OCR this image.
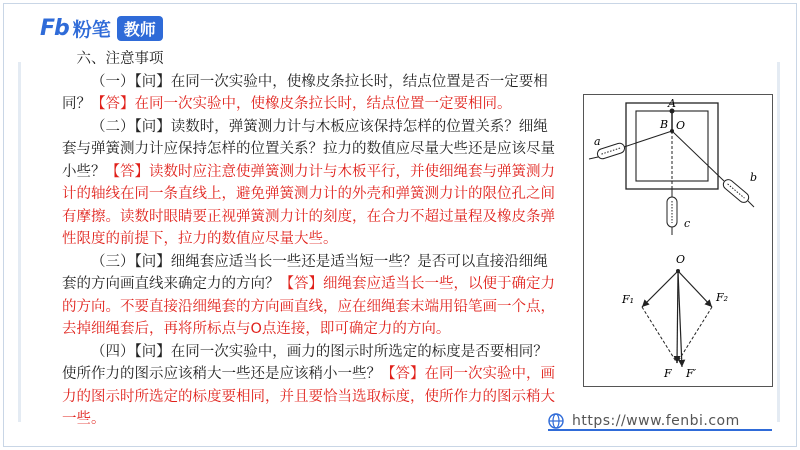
Fb 粉笔 教师

六、注意事项

（一）【问】在同一次实验中，使橡皮条拉长时，结点位置是否一定要相同？【答】在同一次实验中，使橡皮条拉长时，结点位置一定要相同。

（二）【问】读数时，弹簧测力计与木板应该保持怎样的位置关系？细绳套与弹簧测力计应保持怎样的位置关系？拉力的数值应尽量大些还是应该尽量小些？【答】读数时应注意使弹簧测力计与木板平行，并使细绳套与弹簧测力计的轴线在同一条直线上，避免弹簧测力计的外壳和弹簧测力计的限位孔之间有摩擦。读数时眼睛要正视弹簧测力计的刻度，在合力不超过量程及橡皮条弹性限度的前提下，拉力的数值应尽量大些。

（三）【问】细绳套应适当长一些还是适当短一些？是否可以直接沿细绳套的方向画直线来确定力的方向？【答】细绳套应适当长一些，以便于确定力的方向。不要直接沿细绳套的方向画直线，应在细绳套末端用铅笔画一个点，去掉细绳套后，再将所标点与O点连接，即可确定力的方向。

（四）【问】在同一次实验中，画力的图示时所选定的标度是否要相同？使所作力的图示应该稍大一些还是应该稍小一些？【答】在同一次实验中，画力的图示时所选定的标度要相同，并且要恰当选取标度，使所作力的图示稍大一些。

A
B O
a
b
c
O
F₁	F₂
F F′
https://www.fenbi.com
